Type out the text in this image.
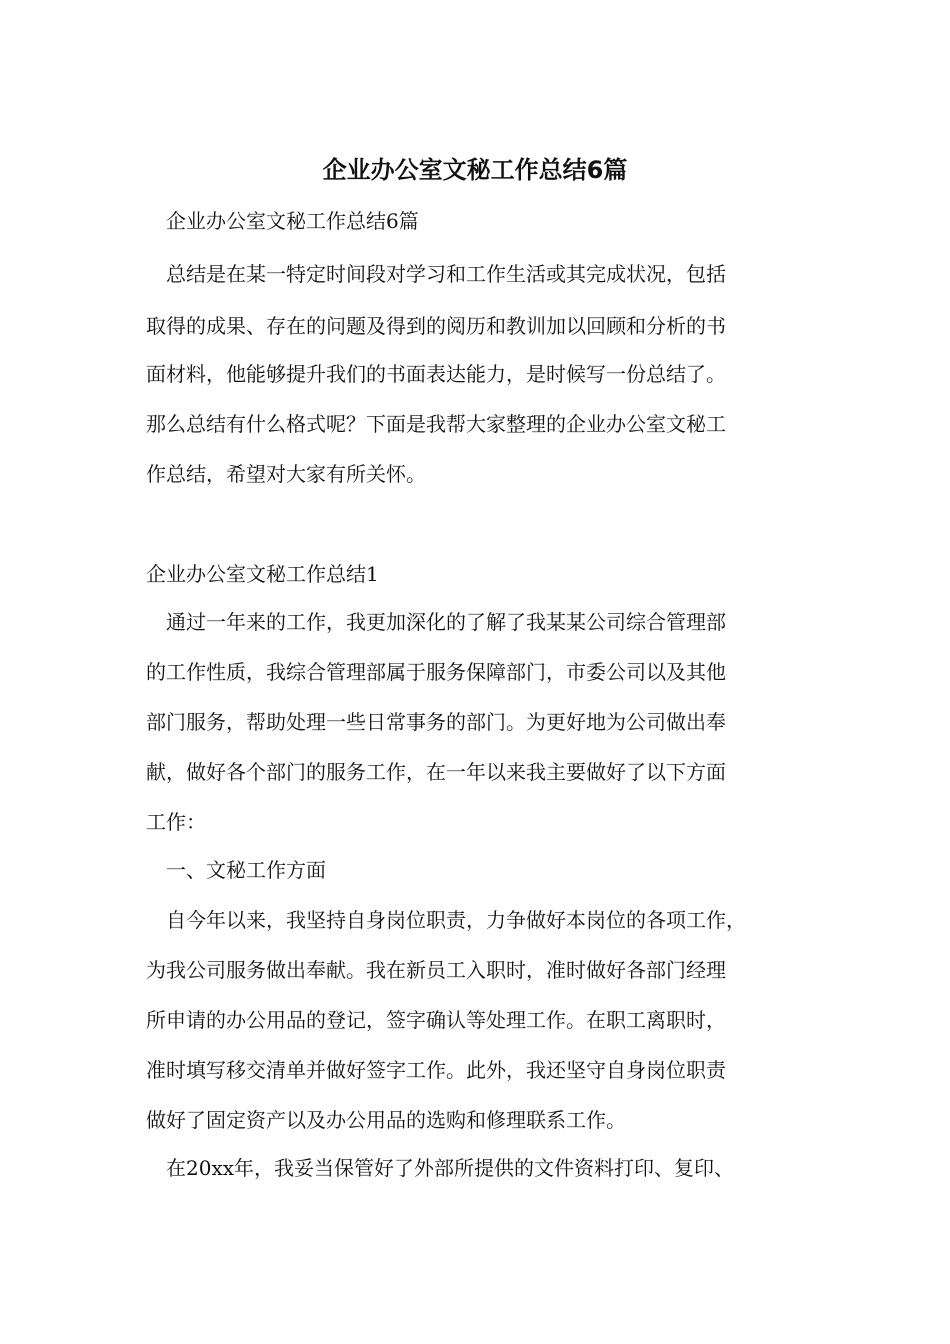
企业办公室文秘工作总结6篇

企业办公室文秘工作总结6篇

　总结是在某一特定时间段对学习和工作生活或其完成状况，包括

取得的成果、存在的问题及得到的阅历和教训加以回顾和分析的书

面材料，他能够提升我们的书面表达能力，是时候写一份总结了。

那么总结有什么格式呢？下面是我帮大家整理的企业办公室文秘工

作总结，希望对大家有所关怀。

企业办公室文秘工作总结1

通过一年来的工作，我更加深化的了解了我某某公司综合管理部

的工作性质，我综合管理部属于服务保障部门，市委公司以及其他

部门服务，帮助处理一些日常事务的部门。为更好地为公司做出奉

献，做好各个部门的服务工作，在一年以来我主要做好了以下方面

工作：

一、文秘工作方面

自今年以来，我坚持自身岗位职责，力争做好本岗位的各项工作，

为我公司服务做出奉献。我在新员工入职时，准时做好各部门经理

所申请的办公用品的登记，签字确认等处理工作。在职工离职时，

准时填写移交清单并做好签字工作。此外，我还坚守自身岗位职责

做好了固定资产以及办公用品的选购和修理联系工作。

在20xx年，我妥当保管好了外部所提供的文件资料打印、复印、
